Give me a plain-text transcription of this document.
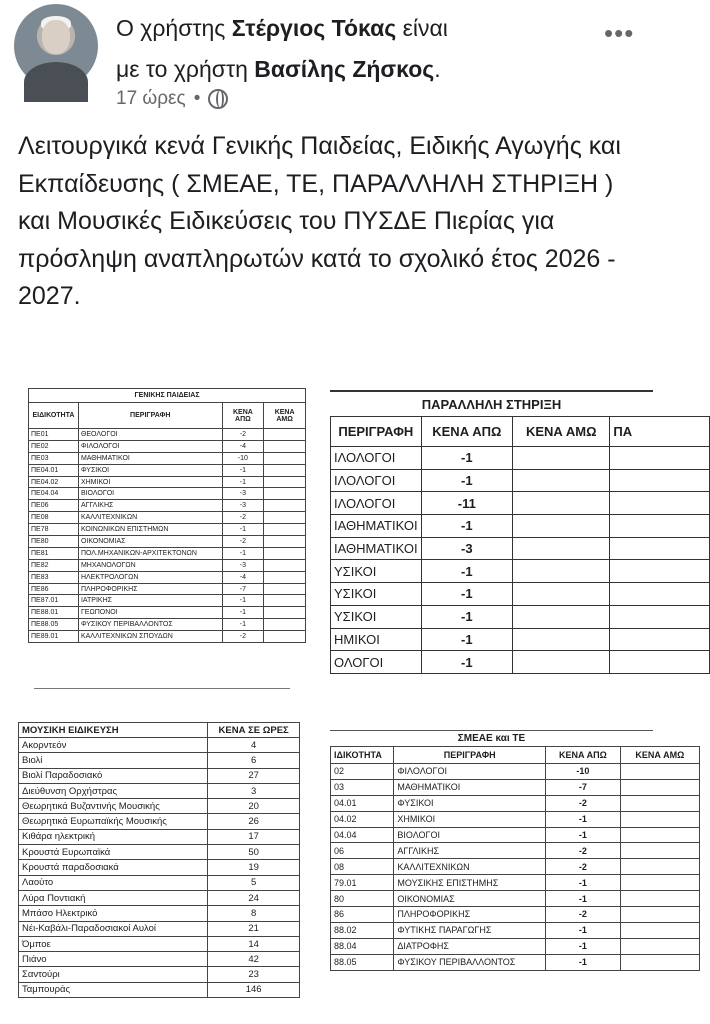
Ο χρήστης Στέργιος Τόκας είναι
με το χρήστη Βασίλης Ζήσκος.
17 ώρες •
•••
Λειτουργικά κενά Γενικής Παιδείας, Ειδικής Αγωγής και Εκπαίδευσης ( ΣΜΕΑΕ, ΤΕ, ΠΑΡΑΛΛΗΛΗ ΣΤΗΡΙΞΗ ) και Μουσικές Ειδικεύσεις του ΠΥΣΔΕ Πιερίας για πρόσληψη αναπληρωτών κατά το σχολικό έτος 2026 - 2027.
ΓΕΝΙΚΗΣ ΠΑΙΔΕΙΑΣ			
ΕΙΔΙΚΟΤΗΤΑ	ΠΕΡΙΓΡΑΦΗ	ΚΕΝΑ ΑΠΩ	ΚΕΝΑ ΑΜΩ
ΠΕ01	ΘΕΟΛΟΓΟΙ	-2	
ΠΕ02	ΦΙΛΟΛΟΓΟΙ	-4	
ΠΕ03	ΜΑΘΗΜΑΤΙΚΟΙ	-10	
ΠΕ04.01	ΦΥΣΙΚΟΙ	-1	
ΠΕ04.02	ΧΗΜΙΚΟΙ	-1	
ΠΕ04.04	ΒΙΟΛΟΓΟΙ	-3	
ΠΕ06	ΑΓΓΛΙΚΗΣ	-3	
ΠΕ08	ΚΑΛΛΙΤΕΧΝΙΚΩΝ	-2	
ΠΕ78	ΚΟΙΝΩΝΙΚΩΝ ΕΠΙΣΤΗΜΩΝ	-1	
ΠΕ80	ΟΙΚΟΝΟΜΙΑΣ	-2	
ΠΕ81	ΠΟΛ.ΜΗΧΑΝΙΚΩΝ-ΑΡΧΙΤΕΚΤΟΝΩΝ	-1	
ΠΕ82	ΜΗΧΑΝΟΛΟΓΩΝ	-3	
ΠΕ83	ΗΛΕΚΤΡΟΛΟΓΩΝ	-4	
ΠΕ86	ΠΛΗΡΟΦΟΡΙΚΗΣ	-7	
ΠΕ87.01	ΙΑΤΡΙΚΗΣ	-1	
ΠΕ88.01	ΓΕΩΠΟΝΟΙ	-1	
ΠΕ88.05	ΦΥΣΙΚΟΥ ΠΕΡΙΒΑΛΛΟΝΤΟΣ	-1	
ΠΕ89.01	ΚΑΛΛΙΤΕΧΝΙΚΩΝ ΣΠΟΥΔΩΝ	-2	
ΠΑΡΑΛΛΗΛΗ ΣΤΗΡΙΞΗ
ΠΕΡΙΓΡΑΦΗ	ΚΕΝΑ ΑΠΩ	ΚΕΝΑ ΑΜΩ	ΠΑ
ΙΛΟΛΟΓΟΙ	-1		
ΙΛΟΛΟΓΟΙ	-1		
ΙΛΟΛΟΓΟΙ	-11		
ΙΑΘΗΜΑΤΙΚΟΙ	-1		
ΙΑΘΗΜΑΤΙΚΟΙ	-3		
ΥΣΙΚΟΙ	-1		
ΥΣΙΚΟΙ	-1		
ΥΣΙΚΟΙ	-1		
ΗΜΙΚΟΙ	-1		
ΟΛΟΓΟΙ	-1		
ΜΟΥΣΙΚΗ ΕΙΔΙΚΕΥΣΗ	ΚΕΝΑ ΣΕ ΩΡΕΣ
Ακορντεόν	4
Βιολί	6
Βιολί Παραδοσιακό	27
Διεύθυνση Ορχήστρας	3
Θεωρητικά Βυζαντινής Μουσικής	20
Θεωρητικά Ευρωπαϊκής Μουσικής	26
Κιθάρα ηλεκτρική	17
Κρουστά Ευρωπαϊκά	50
Κρουστά παραδοσιακά	19
Λαούτο	5
Λύρα Ποντιακή	24
Μπάσο Ηλεκτρικό	8
Νέι-Καβάλι-Παραδοσιακοί Αυλοί	21
Όμποε	14
Πιάνο	42
Σαντούρι	23
Ταμπουράς	146
ΣΜΕΑΕ και ΤΕ
ΙΔΙΚΟΤΗΤΑ	ΠΕΡΙΓΡΑΦΗ	ΚΕΝΑ ΑΠΩ	ΚΕΝΑ ΑΜΩ
02	ΦΙΛΟΛΟΓΟΙ	-10	
03	ΜΑΘΗΜΑΤΙΚΟΙ	-7	
04.01	ΦΥΣΙΚΟΙ	-2	
04.02	ΧΗΜΙΚΟΙ	-1	
04.04	ΒΙΟΛΟΓΟΙ	-1	
06	ΑΓΓΛΙΚΗΣ	-2	
08	ΚΑΛΛΙΤΕΧΝΙΚΩΝ	-2	
79.01	ΜΟΥΣΙΚΗΣ ΕΠΙΣΤΗΜΗΣ	-1	
80	ΟΙΚΟΝΟΜΙΑΣ	-1	
86	ΠΛΗΡΟΦΟΡΙΚΗΣ	-2	
88.02	ΦΥΤΙΚΗΣ ΠΑΡΑΓΩΓΗΣ	-1	
88.04	ΔΙΑΤΡΟΦΗΣ	-1	
88.05	ΦΥΣΙΚΟΥ ΠΕΡΙΒΑΛΛΟΝΤΟΣ	-1	
